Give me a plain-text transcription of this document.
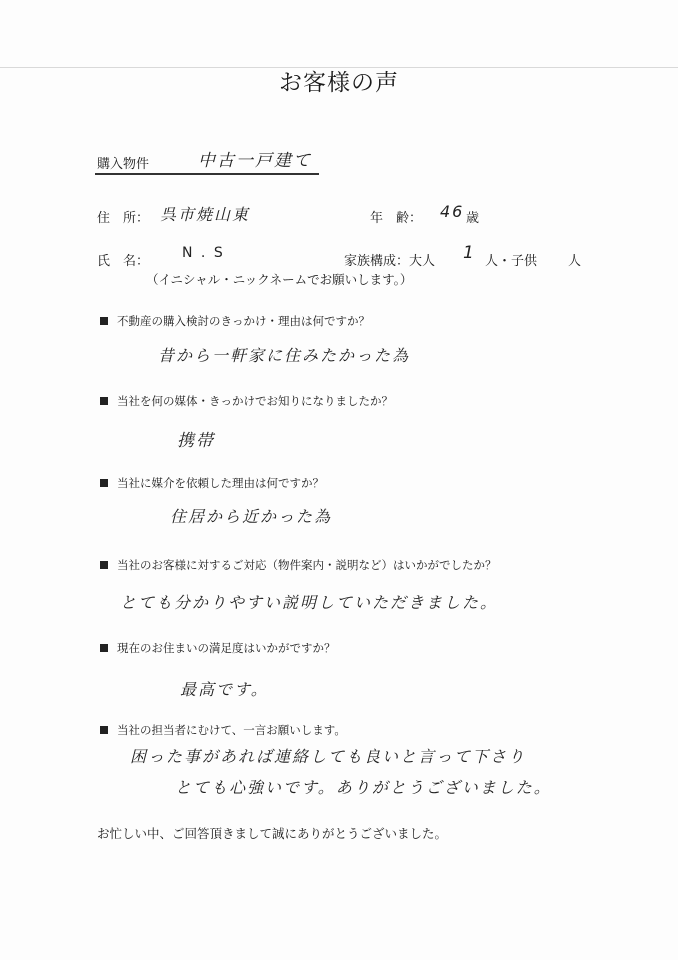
お客様の声
購入物件	中古一戸建て
住　所： 呉市焼山東	年　齢： 46 歳
氏　名：
N . S
家族構成：大人 1 人・子供 人
（イニシャル・ニックネームでお願いします。）
不動産の購入検討のきっかけ・理由は何ですか？
昔から一軒家に住みたかった為
当社を何の媒体・きっかけでお知りになりましたか？
携帯
当社に媒介を依頼した理由は何ですか？
住居から近かった為
当社のお客様に対するご対応（物件案内・説明など）はいかがでしたか？
とても分かりやすい説明していただきました。
現在のお住まいの満足度はいかがですか？
最高です。
当社の担当者にむけて、一言お願いします。
困った事があれば連絡しても良いと言って下さり
とても心強いです。ありがとうございました。
お忙しい中、ご回答頂きまして誠にありがとうございました。
